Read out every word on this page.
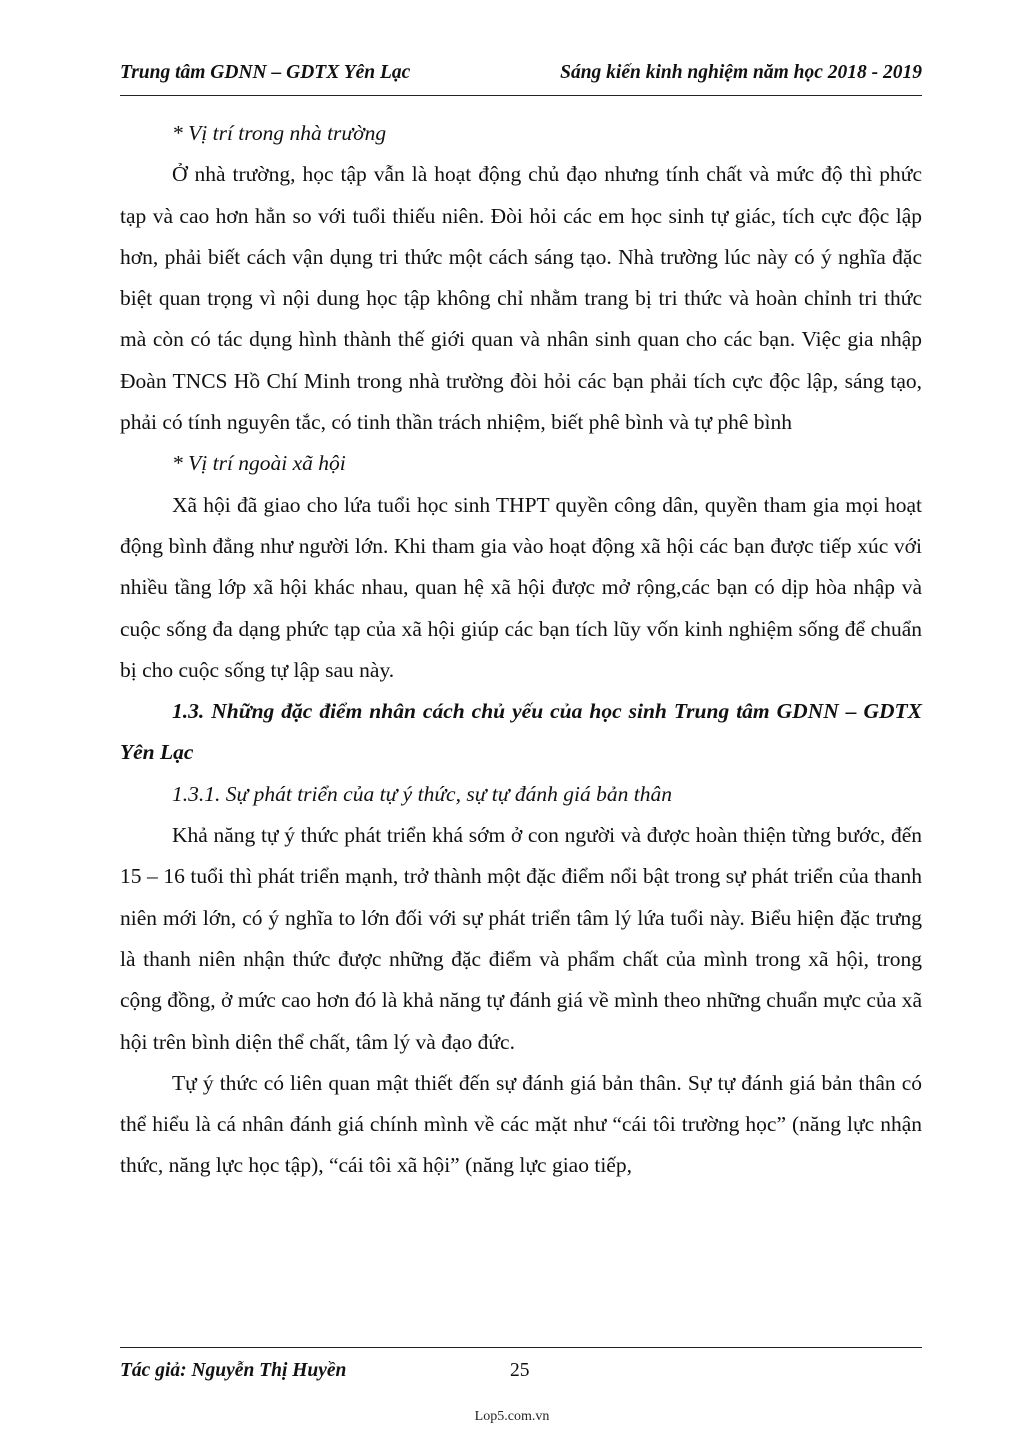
Trung tâm GDNN – GDTX Yên Lạc	Sáng kiến kinh nghiệm năm học 2018 - 2019

* Vị trí trong nhà trường

Ở nhà trường, học tập vẫn là hoạt động chủ đạo nhưng tính chất và mức độ thì phức tạp và cao hơn hẳn so với tuổi thiếu niên. Đòi hỏi các em học sinh tự giác, tích cực độc lập hơn, phải biết cách vận dụng tri thức một cách sáng tạo. Nhà trường lúc này có ý nghĩa đặc biệt quan trọng vì nội dung học tập không chỉ nhằm trang bị tri thức và hoàn chỉnh tri thức mà còn có tác dụng hình thành thế giới quan và nhân sinh quan cho các bạn. Việc gia nhập Đoàn TNCS Hồ Chí Minh trong nhà trường đòi hỏi các bạn phải tích cực độc lập, sáng tạo, phải có tính nguyên tắc, có tinh thần trách nhiệm, biết phê bình và tự phê bình

* Vị trí ngoài xã hội

Xã hội đã giao cho lứa tuổi học sinh THPT quyền công dân, quyền tham gia mọi hoạt động bình đẳng như người lớn. Khi tham gia vào hoạt động xã hội các bạn được tiếp xúc với nhiều tầng lớp xã hội khác nhau, quan hệ xã hội được mở rộng,các bạn có dịp hòa nhập và cuộc sống đa dạng phức tạp của xã hội giúp các bạn tích lũy vốn kinh nghiệm sống để chuẩn bị cho cuộc sống tự lập sau này.

1.3. Những đặc điểm nhân cách chủ yếu của học sinh Trung tâm GDNN – GDTX Yên Lạc

1.3.1. Sự phát triển của tự ý thức, sự tự đánh giá bản thân

Khả năng tự ý thức phát triển khá sớm ở con người và được hoàn thiện từng bước, đến 15 – 16 tuổi thì phát triển mạnh, trở thành một đặc điểm nổi bật trong sự phát triển của thanh niên mới lớn, có ý nghĩa to lớn đối với sự phát triển tâm lý lứa tuổi này. Biểu hiện đặc trưng là thanh niên nhận thức được những đặc điểm và phẩm chất của mình trong xã hội, trong cộng đồng, ở mức cao hơn đó là khả năng tự đánh giá về mình theo những chuẩn mực của xã hội trên bình diện thể chất, tâm lý và đạo đức.

Tự ý thức có liên quan mật thiết đến sự đánh giá bản thân. Sự tự đánh giá bản thân có thể hiểu là cá nhân đánh giá chính mình về các mặt như “cái tôi trường học” (năng lực nhận thức, năng lực học tập), “cái tôi xã hội” (năng lực giao tiếp,

Tác giả: Nguyễn Thị Huyền	25
Lop5.com.vn
